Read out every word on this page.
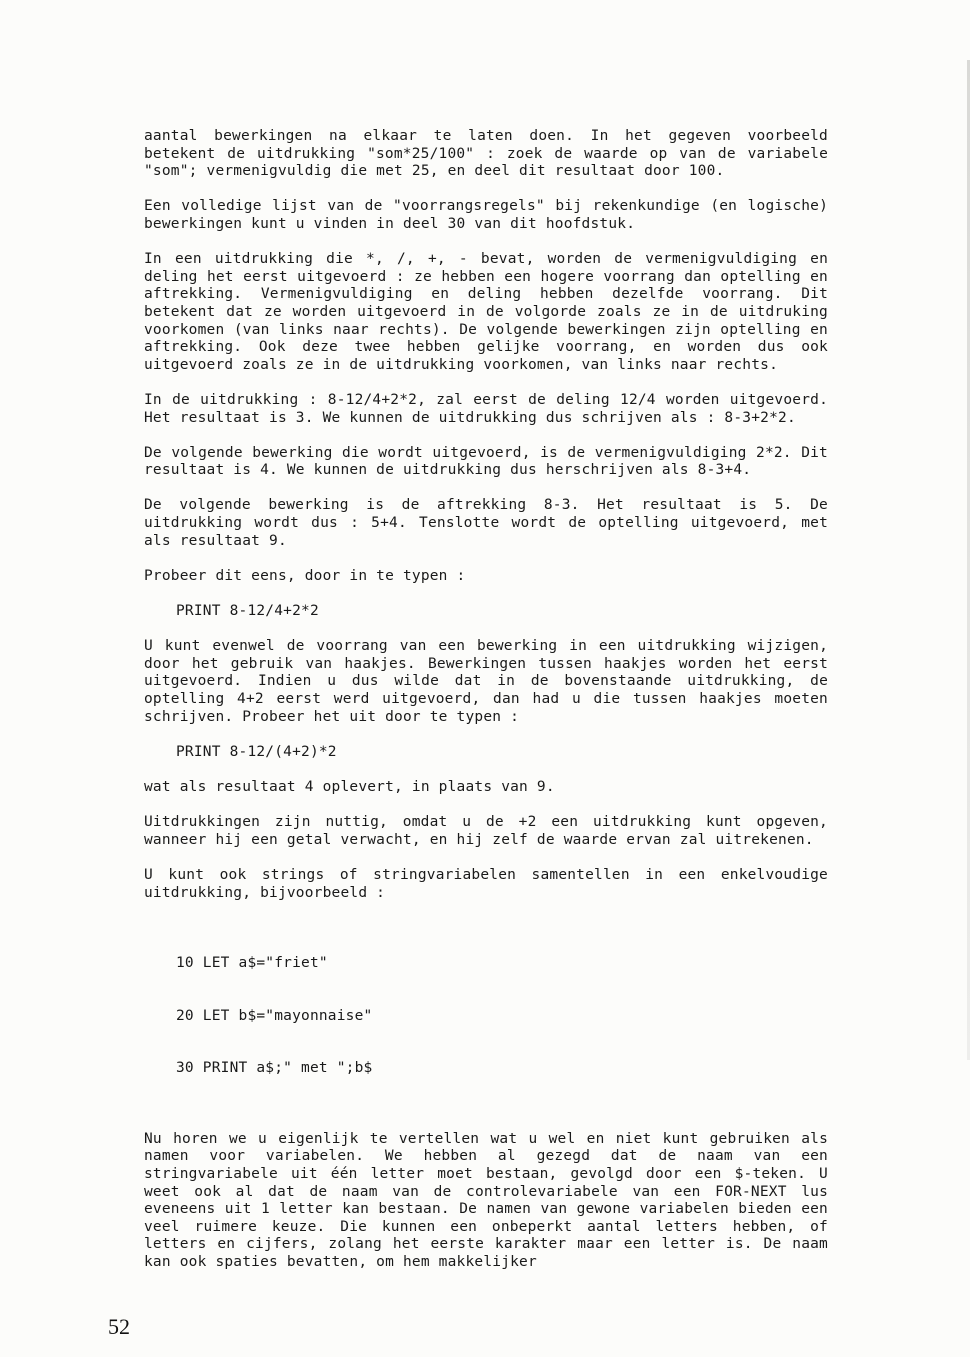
aantal bewerkingen na elkaar te laten doen. In het gegeven voorbeeld betekent de uitdrukking "som*25/100" : zoek de waarde op van de variabele "som"; vermenigvuldig die met 25, en deel dit resultaat door 100.

Een volledige lijst van de "voorrangsregels" bij rekenkundige (en logische) bewerkingen kunt u vinden in deel 30 van dit hoofdstuk.

In een uitdrukking die *, /, +, - bevat, worden de vermenigvuldiging en deling het eerst uitgevoerd : ze hebben een hogere voorrang dan optelling en aftrekking. Vermenigvuldiging en deling hebben dezelfde voorrang. Dit betekent dat ze worden uitgevoerd in de volgorde zoals ze in de uitdruking voorkomen (van links naar rechts). De volgende bewerkingen zijn optelling en aftrekking. Ook deze twee hebben gelijke voorrang, en worden dus ook uitgevoerd zoals ze in de uitdrukking voorkomen, van links naar rechts.

In de uitdrukking : 8-12/4+2*2, zal eerst de deling 12/4 worden uitgevoerd. Het resultaat is 3. We kunnen de uitdrukking dus schrijven als : 8-3+2*2.

De volgende bewerking die wordt uitgevoerd, is de vermenigvuldiging 2*2. Dit resultaat is 4. We kunnen de uitdrukking dus herschrijven als 8-3+4.

De volgende bewerking is de aftrekking 8-3. Het resultaat is 5. De uitdrukking wordt dus : 5+4. Tenslotte wordt de optelling uitgevoerd, met als resultaat 9.

Probeer dit eens, door in te typen :

PRINT 8-12/4+2*2

U kunt evenwel de voorrang van een bewerking in een uitdrukking wijzigen, door het gebruik van haakjes. Bewerkingen tussen haakjes worden het eerst uitgevoerd. Indien u dus wilde dat in de bovenstaande uitdrukking, de optelling 4+2 eerst werd uitgevoerd, dan had u die tussen haakjes moeten schrijven. Probeer het uit door te typen :

PRINT 8-12/(4+2)*2

wat als resultaat 4 oplevert, in plaats van 9.

Uitdrukkingen zijn nuttig, omdat u de +2 een uitdrukking kunt opgeven, wanneer hij een getal verwacht, en hij zelf de waarde ervan zal uitrekenen.

U kunt ook strings of stringvariabelen samentellen in een enkelvoudige uitdrukking, bijvoorbeeld :

10 LET a$="friet"

20 LET b$="mayonnaise"

30 PRINT a$;" met ";b$

Nu horen we u eigenlijk te vertellen wat u wel en niet kunt gebruiken als namen voor variabelen. We hebben al gezegd dat de naam van een stringvariabele uit één letter moet bestaan, gevolgd door een $-teken. U weet ook al dat de naam van de controlevariabele van een FOR-NEXT lus eveneens uit 1 letter kan bestaan. De namen van gewone variabelen bieden een veel ruimere keuze. Die kunnen een onbeperkt aantal letters hebben, of letters en cijfers, zolang het eerste karakter maar een letter is. De naam kan ook spaties bevatten, om hem makkelijker

52
